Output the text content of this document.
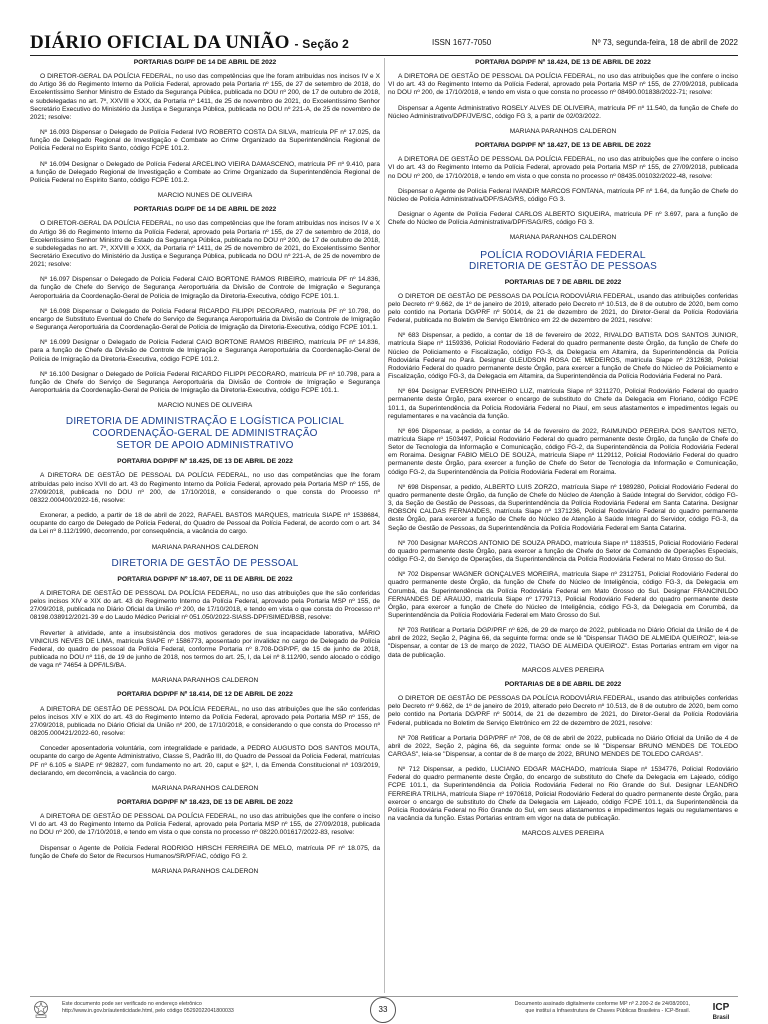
DIÁRIO OFICIAL DA UNIÃO - Seção 2	ISSN 1677-7050	Nº 73, segunda-feira, 18 de abril de 2022

PORTARIAS DG/PF DE 14 DE ABRIL DE 2022

O DIRETOR-GERAL DA POLÍCIA FEDERAL, no uso das competências que lhe foram atribuídas nos incisos IV e X do Artigo 36 do Regimento Interno da Polícia Federal, aprovado pela Portaria nº 155, de 27 de setembro de 2018, do Excelentíssimo Senhor Ministro de Estado da Segurança Pública, publicada no DOU nº 200, de 17 de outubro de 2018, e subdelegadas no art. 7º, XXVIII e XXX, da Portaria nº 1411, de 25 de novembro de 2021, do Excelentíssimo Senhor Secretário Executivo do Ministério da Justiça e Segurança Pública, publicada no DOU nº 221-A, de 25 de novembro de 2021; resolve:

Nº 16.093 Dispensar o Delegado de Polícia Federal IVO ROBERTO COSTA DA SILVA, matrícula PF nº 17.025, da função de Delegado Regional de Investigação e Combate ao Crime Organizado da Superintendência Regional de Polícia Federal no Espírito Santo, código FCPE 101.2.

Nº 16.094 Designar o Delegado de Polícia Federal ARCELINO VIEIRA DAMASCENO, matrícula PF nº 9.410, para a função de Delegado Regional de Investigação e Combate ao Crime Organizado da Superintendência Regional de Polícia Federal no Espírito Santo, código FCPE 101.2.

MARCIO NUNES DE OLIVEIRA

PORTARIAS DG/PF DE 14 DE ABRIL DE 2022

O DIRETOR-GERAL DA POLÍCIA FEDERAL, no uso das competências que lhe foram atribuídas nos incisos IV e X do Artigo 36 do Regimento Interno da Polícia Federal, aprovado pela Portaria nº 155, de 27 de setembro de 2018, do Excelentíssimo Senhor Ministro de Estado da Segurança Pública, publicada no DOU nº 200, de 17 de outubro de 2018, e subdelegadas no art. 7º, XXVIII e XXX, da Portaria nº 1411, de 25 de novembro de 2021, do Excelentíssimo Senhor Secretário Executivo do Ministério da Justiça e Segurança Pública, publicada no DOU nº 221-A, de 25 de novembro de 2021; resolve:

Nº 16.097 Dispensar o Delegado de Polícia Federal CAIO BORTONE RAMOS RIBEIRO, matrícula PF nº 14.836, da função de Chefe do Serviço de Segurança Aeroportuária da Divisão de Controle de Imigração e Segurança Aeroportuária da Coordenação-Geral de Polícia de Imigração da Diretoria-Executiva, código FCPE 101.1.

Nº 16.098 Dispensar o Delegado de Polícia Federal RICARDO FILIPPI PECORARO, matrícula PF nº 10.798, do encargo de Substituto Eventual do Chefe do Serviço de Segurança Aeroportuária da Divisão de Controle de Imigração e Segurança Aeroportuária da Coordenação-Geral de Polícia de Imigração da Diretoria-Executiva, código FCPE 101.1.

Nº 16.099 Designar o Delegado de Polícia Federal CAIO BORTONE RAMOS RIBEIRO, matrícula PF nº 14.836, para a função de Chefe da Divisão de Controle de Imigração e Segurança Aeroportuária da Coordenação-Geral de Polícia de Imigração da Diretoria-Executiva, código FCPE 101.2.

Nº 16.100 Designar o Delegado de Polícia Federal RICARDO FILIPPI PECORARO, matrícula PF nº 10.798, para a função de Chefe do Serviço de Segurança Aeroportuária da Divisão de Controle de Imigração e Segurança Aeroportuária da Coordenação-Geral de Polícia de Imigração da Diretoria-Executiva, código FCPE 101.1.

MARCIO NUNES DE OLIVEIRA

DIRETORIA DE ADMINISTRAÇÃO E LOGÍSTICA POLICIAL

COORDENAÇÃO-GERAL DE ADMINISTRAÇÃO

SETOR DE APOIO ADMINISTRATIVO

PORTARIA DGP/PF Nº 18.425, DE 13 DE ABRIL DE 2022

A DIRETORA DE GESTÃO DE PESSOAL DA POLÍCIA FEDERAL, no uso das competências que lhe foram atribuídas pelo inciso XVII do art. 43 do Regimento Interno da Polícia Federal, aprovado pela Portaria MSP nº 155, de 27/09/2018, publicada no DOU nº 200, de 17/10/2018, e considerando o que consta do Processo nº 08322.000400/2022-16, resolve:

Exonerar, a pedido, a partir de 18 de abril de 2022, RAFAEL BASTOS MARQUES, matrícula SIAPE nº 1538684, ocupante do cargo de Delegado de Polícia Federal, do Quadro de Pessoal da Polícia Federal, de acordo com o art. 34 da Lei nº 8.112/1990, decorrendo, por consequência, a vacância do cargo.

MARIANA PARANHOS CALDERON

DIRETORIA DE GESTÃO DE PESSOAL

PORTARIA DGP/PF Nº 18.407, DE 11 DE ABRIL DE 2022

A DIRETORA DE GESTÃO DE PESSOAL DA POLÍCIA FEDERAL, no uso das atribuições que lhe são conferidas pelos incisos XIV e XIX do art. 43 do Regimento Interno da Polícia Federal, aprovado pela Portaria MSP nº 155, de 27/09/2018, publicada no Diário Oficial da União nº 200, de 17/10/2018, e tendo em vista o que consta do Processo nº 08198.038912/2021-39 e do Laudo Médico Pericial nº 051.050/2022-SIASS-DPF/SIMED/BSB, resolve:

Reverter à atividade, ante a insubsistência dos motivos geradores de sua incapacidade laborativa, MÁRIO VINICIUS NEVES DE LIMA, matrícula SIAPE nº 1586773, aposentado por invalidez no cargo de Delegado de Polícia Federal, do quadro de pessoal da Polícia Federal, conforme Portaria nº 8.708-DGP/PF, de 15 de junho de 2018, publicada no DOU nº 116, de 19 de junho de 2018, nos termos do art. 25, I, da Lei nº 8.112/90, sendo alocado o código de vaga nº 74654 à DPF/ILS/BA.

MARIANA PARANHOS CALDERON

PORTARIA DGP/PF Nº 18.414, DE 12 DE ABRIL DE 2022

A DIRETORA DE GESTÃO DE PESSOAL DA POLÍCIA FEDERAL, no uso das atribuições que lhe são conferidas pelos incisos XIV e XIX do art. 43 do Regimento Interno da Polícia Federal, aprovado pela Portaria MSP nº 155, de 27/09/2018, publicada no Diário Oficial da União nº 200, de 17/10/2018, e considerando o que consta do Processo nº 08205.000421/2022-60, resolve:

Conceder aposentadoria voluntária, com integralidade e paridade, a PEDRO AUGUSTO DOS SANTOS MOUTA, ocupante do cargo de Agente Administrativo, Classe S, Padrão III, do Quadro de Pessoal da Polícia Federal, matrículas PF nº 6.105 e SIAPE nº 982827, com fundamento no art. 20, caput e §2º, I, da Emenda Constitucional nº 103/2019, declarando, em decorrência, a vacância do cargo.

MARIANA PARANHOS CALDERON

PORTARIA DGP/PF Nº 18.423, DE 13 DE ABRIL DE 2022

A DIRETORA DE GESTÃO DE PESSOAL DA POLÍCIA FEDERAL, no uso das atribuições que lhe confere o inciso VI do art. 43 do Regimento Interno da Polícia Federal, aprovado pela Portaria MSP nº 155, de 27/09/2018, publicada no DOU nº 200, de 17/10/2018, e tendo em vista o que consta no processo nº 08220.001617/2022-83, resolve:

Dispensar o Agente de Polícia Federal RODRIGO HIRSCH FERREIRA DE MELO, matrícula PF nº 18.075, da função de Chefe do Setor de Recursos Humanos/SR/PF/AC, código FG 2.

MARIANA PARANHOS CALDERON

PORTARIA DGP/PF Nº 18.424, DE 13 DE ABRIL DE 2022

A DIRETORA DE GESTÃO DE PESSOAL DA POLÍCIA FEDERAL, no uso das atribuições que lhe confere o inciso VI do art. 43 do Regimento Interno da Polícia Federal, aprovado pela Portaria MSP nº 155, de 27/09/2018, publicada no DOU nº 200, de 17/10/2018, e tendo em vista o que consta no processo nº 08490.001838/2022-71; resolve:

Dispensar a Agente Administrativo ROSELY ALVES DE OLIVEIRA, matrícula PF nº 11.540, da função de Chefe do Núcleo Administrativo/DPF/JVE/SC, código FG 3, a partir de 02/03/2022.

MARIANA PARANHOS CALDERON

PORTARIA DGP/PF Nº 18.427, DE 13 DE ABRIL DE 2022

A DIRETORA DE GESTÃO DE PESSOAL DA POLÍCIA FEDERAL, no uso das atribuições que lhe confere o inciso VI do art. 43 do Regimento Interno da Polícia Federal, aprovado pela Portaria MSP nº 155, de 27/09/2018, publicada no DOU nº 200, de 17/10/2018, e tendo em vista o que consta no processo nº 08435.001032/2022-48, resolve:

Dispensar o Agente de Polícia Federal IVANDIR MARCOS FONTANA, matrícula PF nº 1.64, da função de Chefe do Núcleo de Polícia Administrativa/DPF/SAG/RS, código FG 3.

Designar o Agente de Polícia Federal CARLOS ALBERTO SIQUEIRA, matrícula PF nº 3.697, para a função de Chefe do Núcleo de Polícia Administrativa/DPF/SAG/RS, código FG 3.

MARIANA PARANHOS CALDERON

POLÍCIA RODOVIÁRIA FEDERAL

DIRETORIA DE GESTÃO DE PESSOAS

PORTARIAS DE 7 DE ABRIL DE 2022

O DIRETOR DE GESTÃO DE PESSOAS DA POLÍCIA RODOVIÁRIA FEDERAL, usando das atribuições conferidas pelo Decreto nº 9.662, de 1º de janeiro de 2019, alterado pelo Decreto nº 10.513, de 8 de outubro de 2020, bem como pelo contido na Portaria DG/PRF nº 50014, de 21 de dezembro de 2021, do Diretor-Geral da Polícia Rodoviária Federal, publicada no Boletim de Serviço Eletrônico em 22 de dezembro de 2021, resolve:

Nº 683 Dispensar, a pedido, a contar de 18 de fevereiro de 2022, RIVALDO BATISTA DOS SANTOS JUNIOR, matrícula Siape nº 1159336, Policial Rodoviário Federal do quadro permanente deste Órgão, da função de Chefe do Núcleo de Policiamento e Fiscalização, código FG-3, da Delegacia em Altamira, da Superintendência da Polícia Rodoviária Federal no Pará. Designar GLEUDSON ROSA DE MEDEIROS, matrícula Siape nº 2312638, Policial Rodoviário Federal do quadro permanente deste Órgão, para exercer a função de Chefe do Núcleo de Policiamento e Fiscalização, código FG-3, da Delegacia em Altamira, da Superintendência da Polícia Rodoviária Federal no Pará.

Nº 694 Designar EVERSON PINHEIRO LUZ, matrícula Siape nº 3211270, Policial Rodoviário Federal do quadro permanente deste Órgão, para exercer o encargo de substituto do Chefe da Delegacia em Floriano, código FCPE 101.1, da Superintendência da Polícia Rodoviária Federal no Piauí, em seus afastamentos e impedimentos legais ou regulamentares e na vacância da função.

Nº 696 Dispensar, a pedido, a contar de 14 de fevereiro de 2022, RAIMUNDO PEREIRA DOS SANTOS NETO, matrícula Siape nº 1503497, Policial Rodoviário Federal do quadro permanente deste Órgão, da função de Chefe do Setor de Tecnologia da Informação e Comunicação, código FG-2, da Superintendência da Polícia Rodoviária Federal em Roraima. Designar FABIO MELO DE SOUZA, matrícula Siape nº 1129112, Policial Rodoviário Federal do quadro permanente deste Órgão, para exercer a função de Chefe do Setor de Tecnologia da Informação e Comunicação, código FG-2, da Superintendência da Polícia Rodoviária Federal em Roraima.

Nº 698 Dispensar, a pedido, ALBERTO LUIS ZORZO, matrícula Siape nº 1989280, Policial Rodoviário Federal do quadro permanente deste Órgão, da função de Chefe do Núcleo de Atenção à Saúde Integral do Servidor, código FG-3, da Seção de Gestão de Pessoas, da Superintendência da Polícia Rodoviária Federal em Santa Catarina. Designar ROBSON CALDAS FERNANDES, matrícula Siape nº 1371236, Policial Rodoviário Federal do quadro permanente deste Órgão, para exercer a função de Chefe do Núcleo de Atenção à Saúde Integral do Servidor, código FG-3, da Seção de Gestão de Pessoas, da Superintendência da Polícia Rodoviária Federal em Santa Catarina.

Nº 700 Designar MARCOS ANTONIO DE SOUZA PRADO, matrícula Siape nº 1183515, Policial Rodoviário Federal do quadro permanente deste Órgão, para exercer a função de Chefe do Setor de Comando de Operações Especiais, código FG-2, do Serviço de Operações, da Superintendência da Polícia Rodoviária Federal no Mato Grosso do Sul.

Nº 702 Dispensar WAGNER GONÇALVES MOREIRA, matrícula Siape nº 2312751, Policial Rodoviário Federal do quadro permanente deste Órgão, da função de Chefe do Núcleo de Inteligência, código FG-3, da Delegacia em Corumbá, da Superintendência da Polícia Rodoviária Federal em Mato Grosso do Sul. Designar FRANCINILDO FERNANDES DE ARAUJO, matrícula Siape nº 1779713, Policial Rodoviário Federal do quadro permanente deste Órgão, para exercer a função de Chefe do Núcleo de Inteligência, código FG-3, da Delegacia em Corumbá, da Superintendência da Polícia Rodoviária Federal em Mato Grosso do Sul.

Nº 703 Retificar a Portaria DGP/PRF nº 626, de 29 de março de 2022, publicada no Diário Oficial da União de 4 de abril de 2022, Seção 2, Página 66, da seguinte forma: onde se lê "Dispensar TIAGO DE ALMEIDA QUEIROZ", leia-se "Dispensar, a contar de 13 de março de 2022, TIAGO DE ALMEIDA QUEIROZ". Estas Portarias entram em vigor na data de publicação.

MARCOS ALVES PEREIRA

PORTARIAS DE 8 DE ABRIL DE 2022

O DIRETOR DE GESTÃO DE PESSOAS DA POLÍCIA RODOVIÁRIA FEDERAL, usando das atribuições conferidas pelo Decreto nº 9.662, de 1º de janeiro de 2019, alterado pelo Decreto nº 10.513, de 8 de outubro de 2020, bem como pelo contido na Portaria DG/PRF nº 50014, de 21 de dezembro de 2021, do Diretor-Geral da Polícia Rodoviária Federal, publicada no Boletim de Serviço Eletrônico em 22 de dezembro de 2021, resolve:

Nº 708 Retificar a Portaria DGP/PRF nº 708, de 08 de abril de 2022, publicada no Diário Oficial da União de 4 de abril de 2022, Seção 2, página 66, da seguinte forma: onde se lê "Dispensar BRUNO MENDES DE TOLEDO CARGAS", leia-se "Dispensar, a contar de 8 de março de 2022, BRUNO MENDES DE TOLEDO CARGAS".

Nº 712 Dispensar, a pedido, LUCIANO EDGAR MACHADO, matrícula Siape nº 1534776, Policial Rodoviário Federal do quadro permanente deste Órgão, do encargo de substituto do Chefe da Delegacia em Lajeado, código FCPE 101.1, da Superintendência da Polícia Rodoviária Federal no Rio Grande do Sul. Designar LEANDRO FERREIRA TRILHA, matrícula Siape nº 1970618, Policial Rodoviário Federal do quadro permanente deste Órgão, para exercer o encargo de substituto do Chefe da Delegacia em Lajeado, código FCPE 101.1, da Superintendência da Polícia Rodoviária Federal no Rio Grande do Sul, em seus afastamentos e impedimentos legais ou regulamentares e na vacância da função. Estas Portarias entram em vigor na data de publicação.

MARCOS ALVES PEREIRA

Este documento pode ser verificado no endereço eletrônico
http://www.in.gov.br/autenticidade.html, pelo código 05292022041800033	33
Documento assinado digitalmente conforme MP nº 2.200-2 de 24/08/2001,
que institui a Infraestrutura de Chaves Públicas Brasileira - ICP-Brasil. ICP
Brasil
